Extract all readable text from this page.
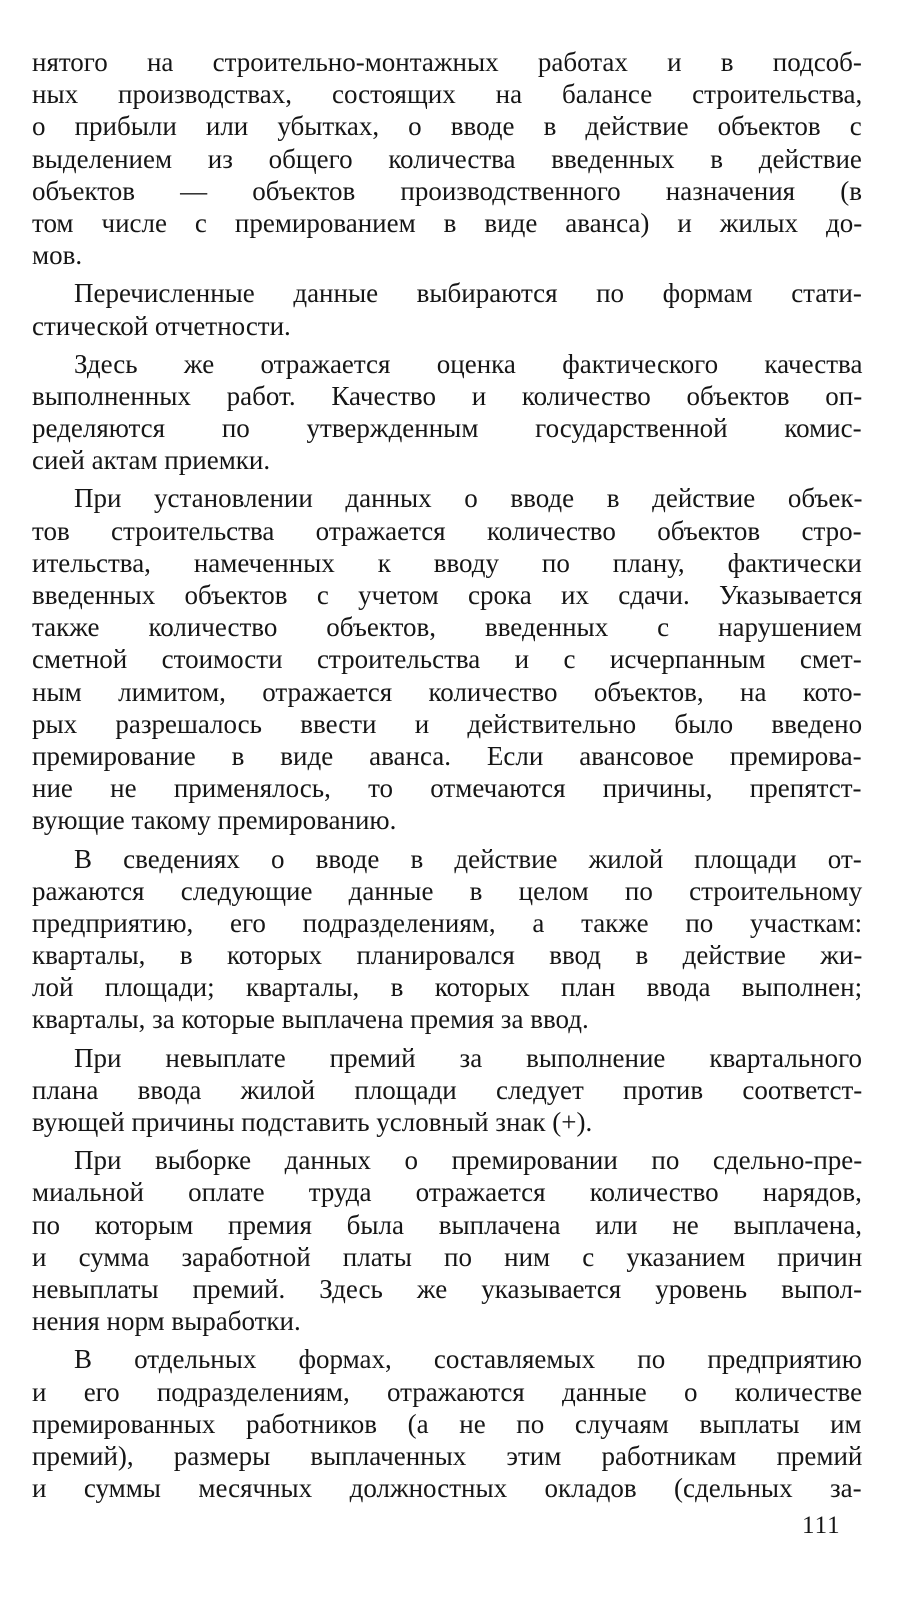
нятого на строительно-монтажных работах и в подсоб-
ных производствах, состоящих на балансе строительства,
о прибыли или убытках, о вводе в действие объектов с
выделением из общего количества введенных в действие
объектов — объектов производственного назначения (в
том числе с премированием в виде аванса) и жилых до-
мов.
Перечисленные данные выбираются по формам стати-
стической отчетности.
Здесь же отражается оценка фактического качества
выполненных работ. Качество и количество объектов оп-
ределяются по утвержденным государственной комис-
сией актам приемки.
При установлении данных о вводе в действие объек-
тов строительства отражается количество объектов стро-
ительства, намеченных к вводу по плану, фактически
введенных объектов с учетом срока их сдачи. Указывается
также количество объектов, введенных с нарушением
сметной стоимости строительства и с исчерпанным смет-
ным лимитом, отражается количество объектов, на кото-
рых разрешалось ввести и действительно было введено
премирование в виде аванса. Если авансовое премирова-
ние не применялось, то отмечаются причины, препятст-
вующие такому премированию.
В сведениях о вводе в действие жилой площади от-
ражаются следующие данные в целом по строительному
предприятию, его подразделениям, а также по участкам:
кварталы, в которых планировался ввод в действие жи-
лой площади; кварталы, в которых план ввода выполнен;
кварталы, за которые выплачена премия за ввод.
При невыплате премий за выполнение квартального
плана ввода жилой площади следует против соответст-
вующей причины подставить условный знак (+).
При выборке данных о премировании по сдельно-пре-
миальной оплате труда отражается количество нарядов,
по которым премия была выплачена или не выплачена,
и сумма заработной платы по ним с указанием причин
невыплаты премий. Здесь же указывается уровень выпол-
нения норм выработки.
В отдельных формах, составляемых по предприятию
и его подразделениям, отражаются данные о количестве
премированных работников (а не по случаям выплаты им
премий), размеры выплаченных этим работникам премий
и суммы месячных должностных окладов (сдельных за-
111
